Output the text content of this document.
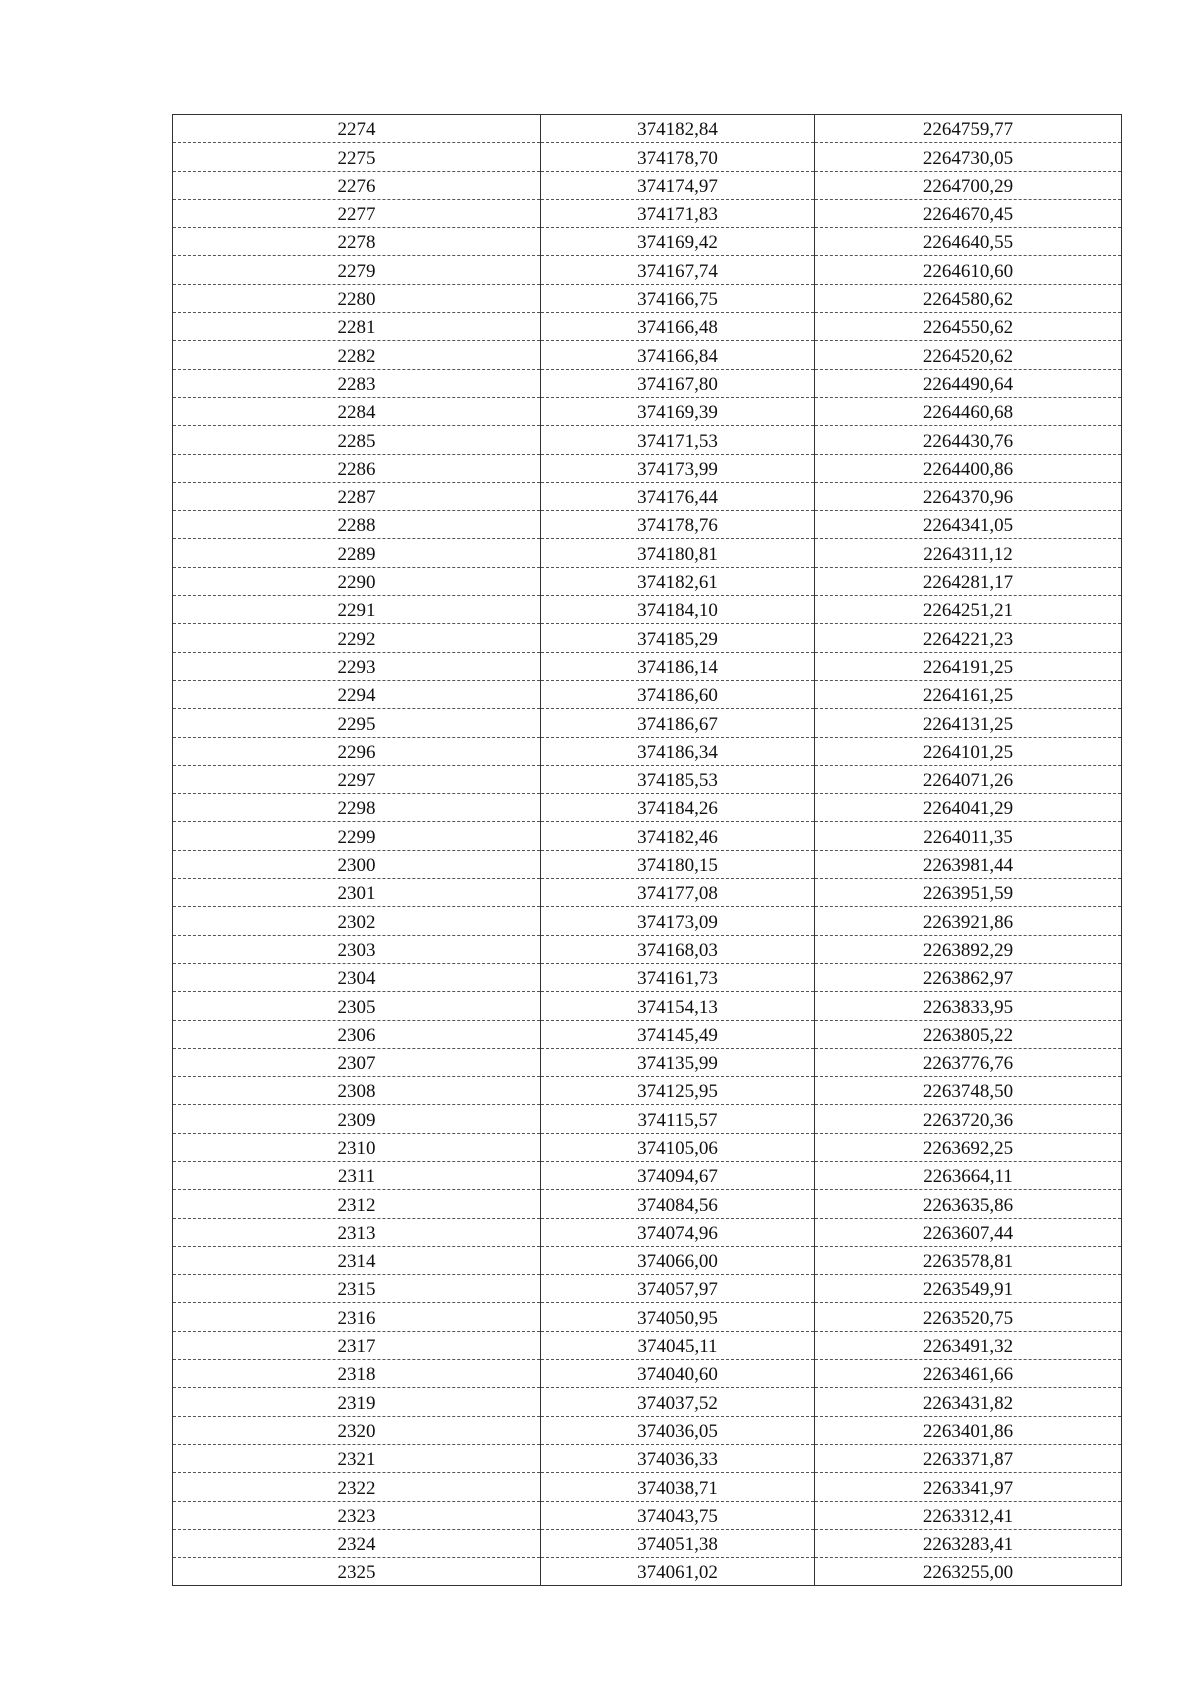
2274	374182,84	2264759,77
2275	374178,70	2264730,05
2276	374174,97	2264700,29
2277	374171,83	2264670,45
2278	374169,42	2264640,55
2279	374167,74	2264610,60
2280	374166,75	2264580,62
2281	374166,48	2264550,62
2282	374166,84	2264520,62
2283	374167,80	2264490,64
2284	374169,39	2264460,68
2285	374171,53	2264430,76
2286	374173,99	2264400,86
2287	374176,44	2264370,96
2288	374178,76	2264341,05
2289	374180,81	2264311,12
2290	374182,61	2264281,17
2291	374184,10	2264251,21
2292	374185,29	2264221,23
2293	374186,14	2264191,25
2294	374186,60	2264161,25
2295	374186,67	2264131,25
2296	374186,34	2264101,25
2297	374185,53	2264071,26
2298	374184,26	2264041,29
2299	374182,46	2264011,35
2300	374180,15	2263981,44
2301	374177,08	2263951,59
2302	374173,09	2263921,86
2303	374168,03	2263892,29
2304	374161,73	2263862,97
2305	374154,13	2263833,95
2306	374145,49	2263805,22
2307	374135,99	2263776,76
2308	374125,95	2263748,50
2309	374115,57	2263720,36
2310	374105,06	2263692,25
2311	374094,67	2263664,11
2312	374084,56	2263635,86
2313	374074,96	2263607,44
2314	374066,00	2263578,81
2315	374057,97	2263549,91
2316	374050,95	2263520,75
2317	374045,11	2263491,32
2318	374040,60	2263461,66
2319	374037,52	2263431,82
2320	374036,05	2263401,86
2321	374036,33	2263371,87
2322	374038,71	2263341,97
2323	374043,75	2263312,41
2324	374051,38	2263283,41
2325	374061,02	2263255,00
